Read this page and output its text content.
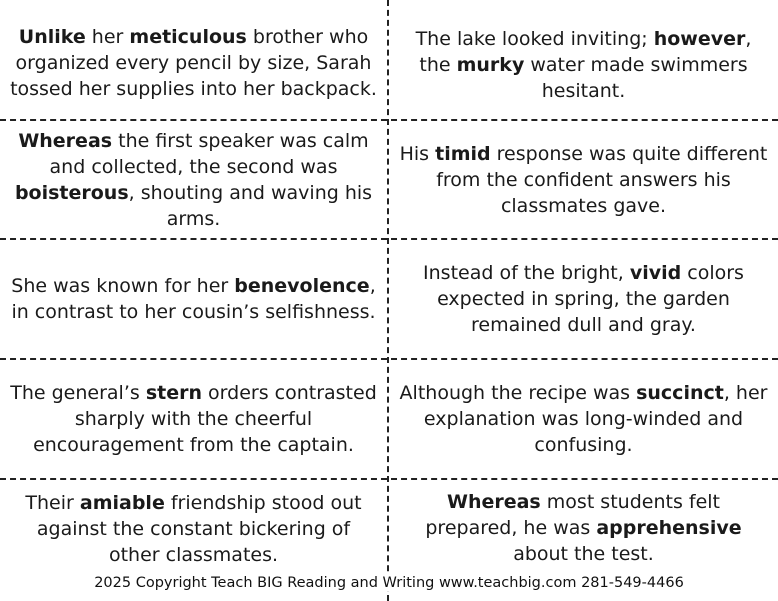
Unlike her meticulous brother who organized every pencil by size, Sarah tossed her supplies into her backpack.
The lake looked inviting; however, the murky water made swimmers hesitant.
Whereas the first speaker was calm and collected, the second was boisterous, shouting and waving his arms.
His timid response was quite different from the confident answers his classmates gave.
She was known for her benevolence, in contrast to her cousin’s selfishness.
Instead of the bright, vivid colors expected in spring, the garden remained dull and gray.
The general’s stern orders contrasted sharply with the cheerful encouragement from the captain.
Although the recipe was succinct, her explanation was long-winded and confusing.
Their amiable friendship stood out against the constant bickering of other classmates.
Whereas most students felt prepared, he was apprehensive about the test.
2025 Copyright Teach BIG Reading and Writing www.teachbig.com 281-549-4466
